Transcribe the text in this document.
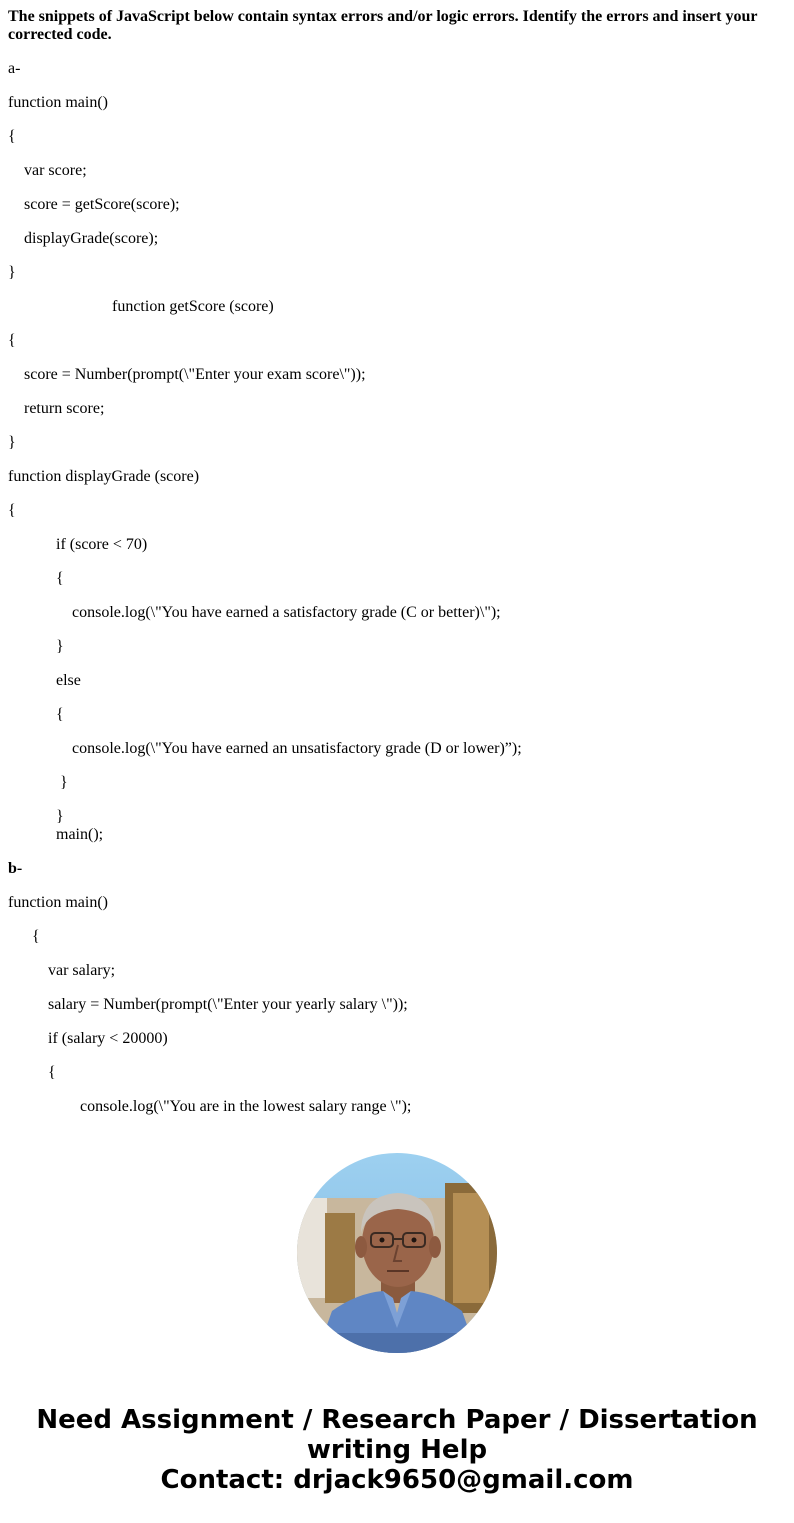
The snippets of JavaScript below contain syntax errors and/or logic errors. Identify the errors and insert your corrected code.
a-
function main()
{
var score;
score = getScore(score);
displayGrade(score);
}
function getScore (score)
{
score = Number(prompt(\"Enter your exam score\"));
return score;
}
function displayGrade (score)
{
if (score < 70)
{
console.log(\"You have earned a satisfactory grade (C or better)\");
}
else
{
console.log(\"You have earned an unsatisfactory grade (D or lower)”);
}
}
main();
b-
function main()
{
var salary;
salary = Number(prompt(\"Enter your yearly salary \"));
if (salary < 20000)
{
console.log(\"You are in the lowest salary range \");
Need Assignment / Research Paper / Dissertation
writing Help
Contact: drjack9650@gmail.com
